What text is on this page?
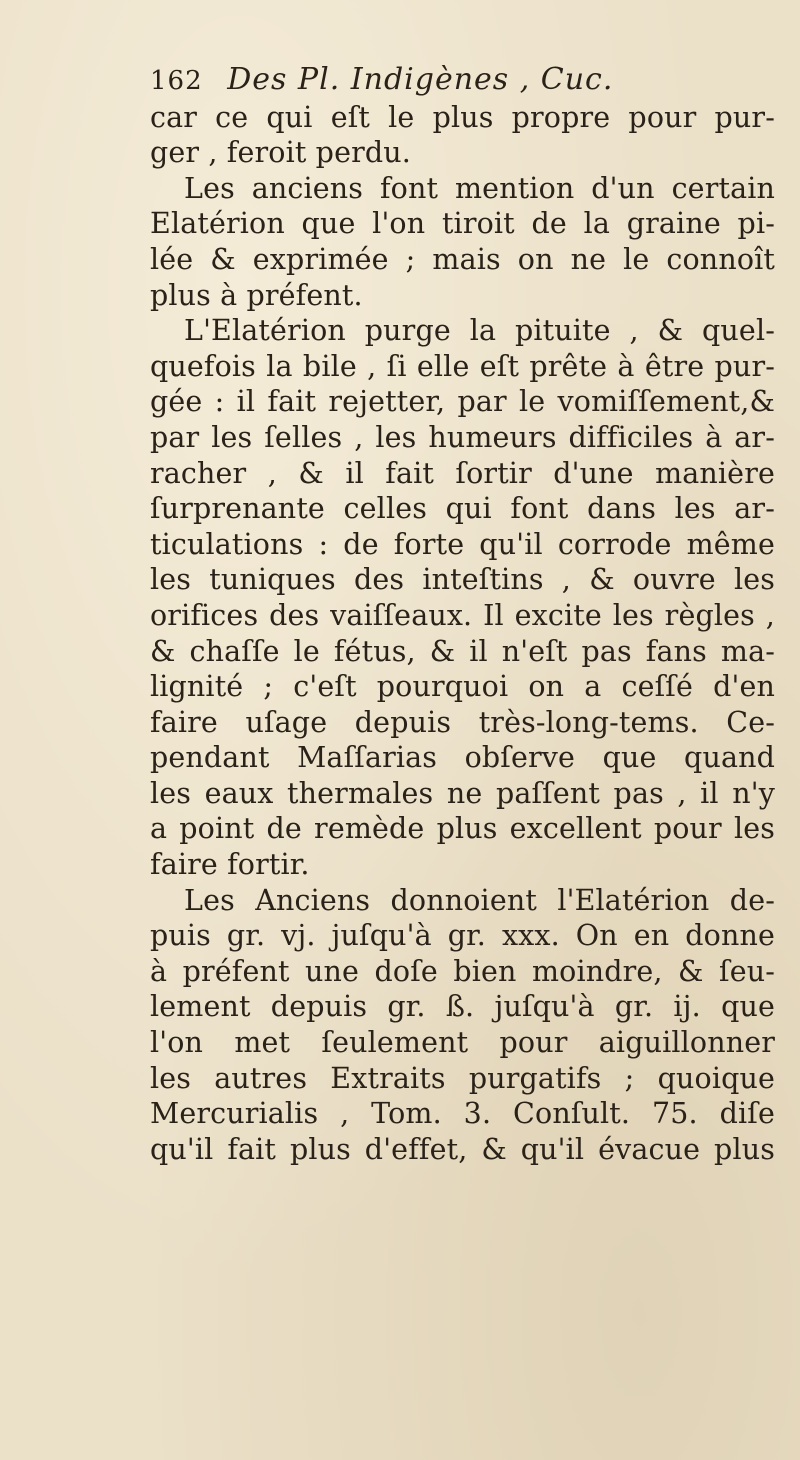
162 Des Pl. Indigènes , Cuc.
car ce qui eſt le plus propre pour pur-
ger , feroit perdu.
Les anciens font mention d'un certain
Elatérion que l'on tiroit de la graine pi-
lée & exprimée ; mais on ne le connoît
plus à préfent.
L'Elatérion purge la pituite , & quel-
quefois la bile , ſi elle eſt prête à être pur-
gée : il fait rejetter, par le vomiſſement,&
par les ſelles , les humeurs difficiles à ar-
racher , & il fait ſortir d'une manière
ſurprenante celles qui font dans les ar-
ticulations : de forte qu'il corrode même
les tuniques des inteſtins , & ouvre les
orifices des vaiſſeaux. Il excite les règles ,
& chaſſe le fétus, & il n'eſt pas fans ma-
lignité ; c'eſt pourquoi on a ceſſé d'en
faire uſage depuis très-long-tems. Ce-
pendant Maſſarias obſerve que quand
les eaux thermales ne paſſent pas , il n'y
a point de remède plus excellent pour les
faire fortir.
Les Anciens donnoient l'Elatérion de-
puis gr. vj. juſqu'à gr. xxx. On en donne
à préfent une doſe bien moindre, & ſeu-
lement depuis gr. ß. juſqu'à gr. ij. que
l'on met ſeulement pour aiguillonner
les autres Extraits purgatifs ; quoique
Mercurialis , Tom. 3. Conſult. 75. diſe
qu'il fait plus d'effet, & qu'il évacue plus
